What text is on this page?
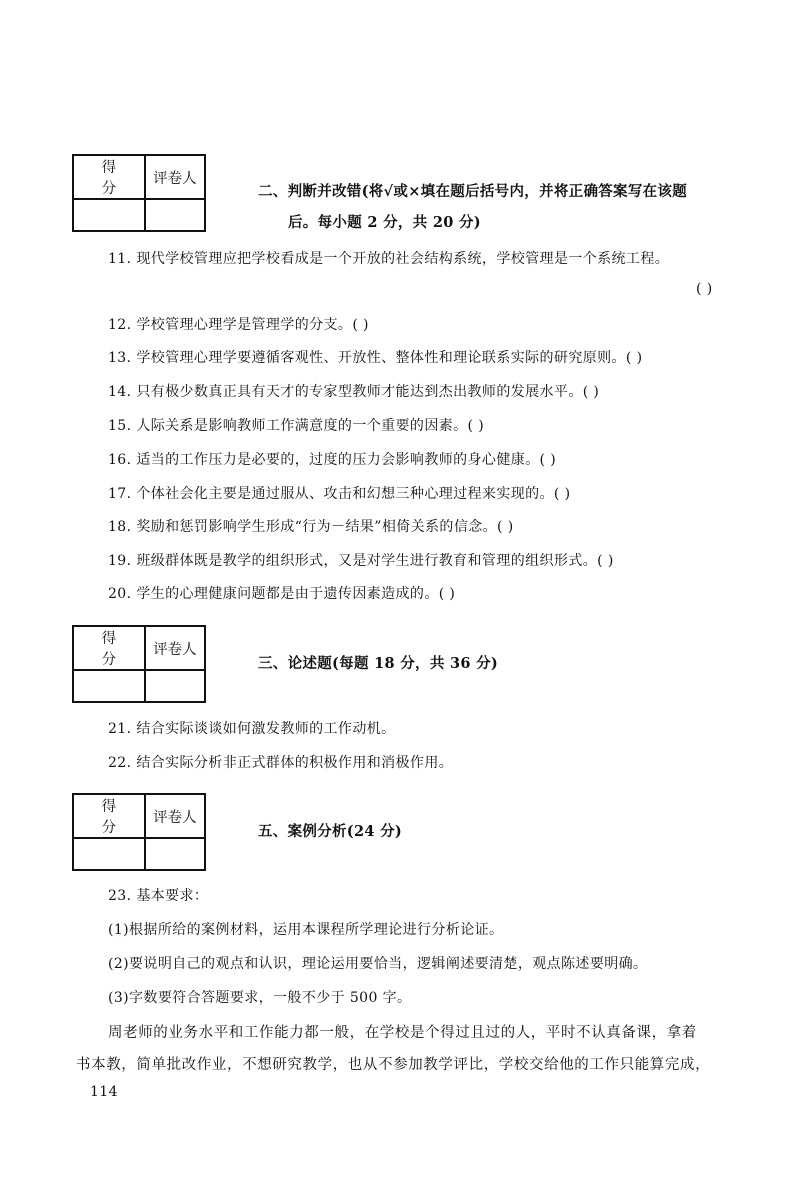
得 分	评卷人

二、判断并改错(将√或×填在题后括号内，并将正确答案写在该题
后。每小题 2 分，共 20 分)
11. 现代学校管理应把学校看成是一个开放的社会结构系统，学校管理是一个系统工程。
( )
12. 学校管理心理学是管理学的分支。( )
13. 学校管理心理学要遵循客观性、开放性、整体性和理论联系实际的研究原则。( )
14. 只有极少数真正具有天才的专家型教师才能达到杰出教师的发展水平。( )
15. 人际关系是影响教师工作满意度的一个重要的因素。( )
16. 适当的工作压力是必要的，过度的压力会影响教师的身心健康。( )
17. 个体社会化主要是通过服从、攻击和幻想三种心理过程来实现的。( )
18. 奖励和惩罚影响学生形成“行为－结果”相倚关系的信念。( )
19. 班级群体既是教学的组织形式，又是对学生进行教育和管理的组织形式。( )
20. 学生的心理健康问题都是由于遗传因素造成的。( )
得 分	评卷人

三、论述题(每题 18 分，共 36 分)
21. 结合实际谈谈如何激发教师的工作动机。
22. 结合实际分析非正式群体的积极作用和消极作用。
得 分	评卷人

五、案例分析(24 分)
23. 基本要求：
(1)根据所给的案例材料，运用本课程所学理论进行分析论证。
(2)要说明自己的观点和认识，理论运用要恰当，逻辑阐述要清楚，观点陈述要明确。
(3)字数要符合答题要求，一般不少于 500 字。
周老师的业务水平和工作能力都一般，在学校是个得过且过的人，平时不认真备课，拿着
书本教，简单批改作业，不想研究教学，也从不参加教学评比，学校交给他的工作只能算完成，
114
